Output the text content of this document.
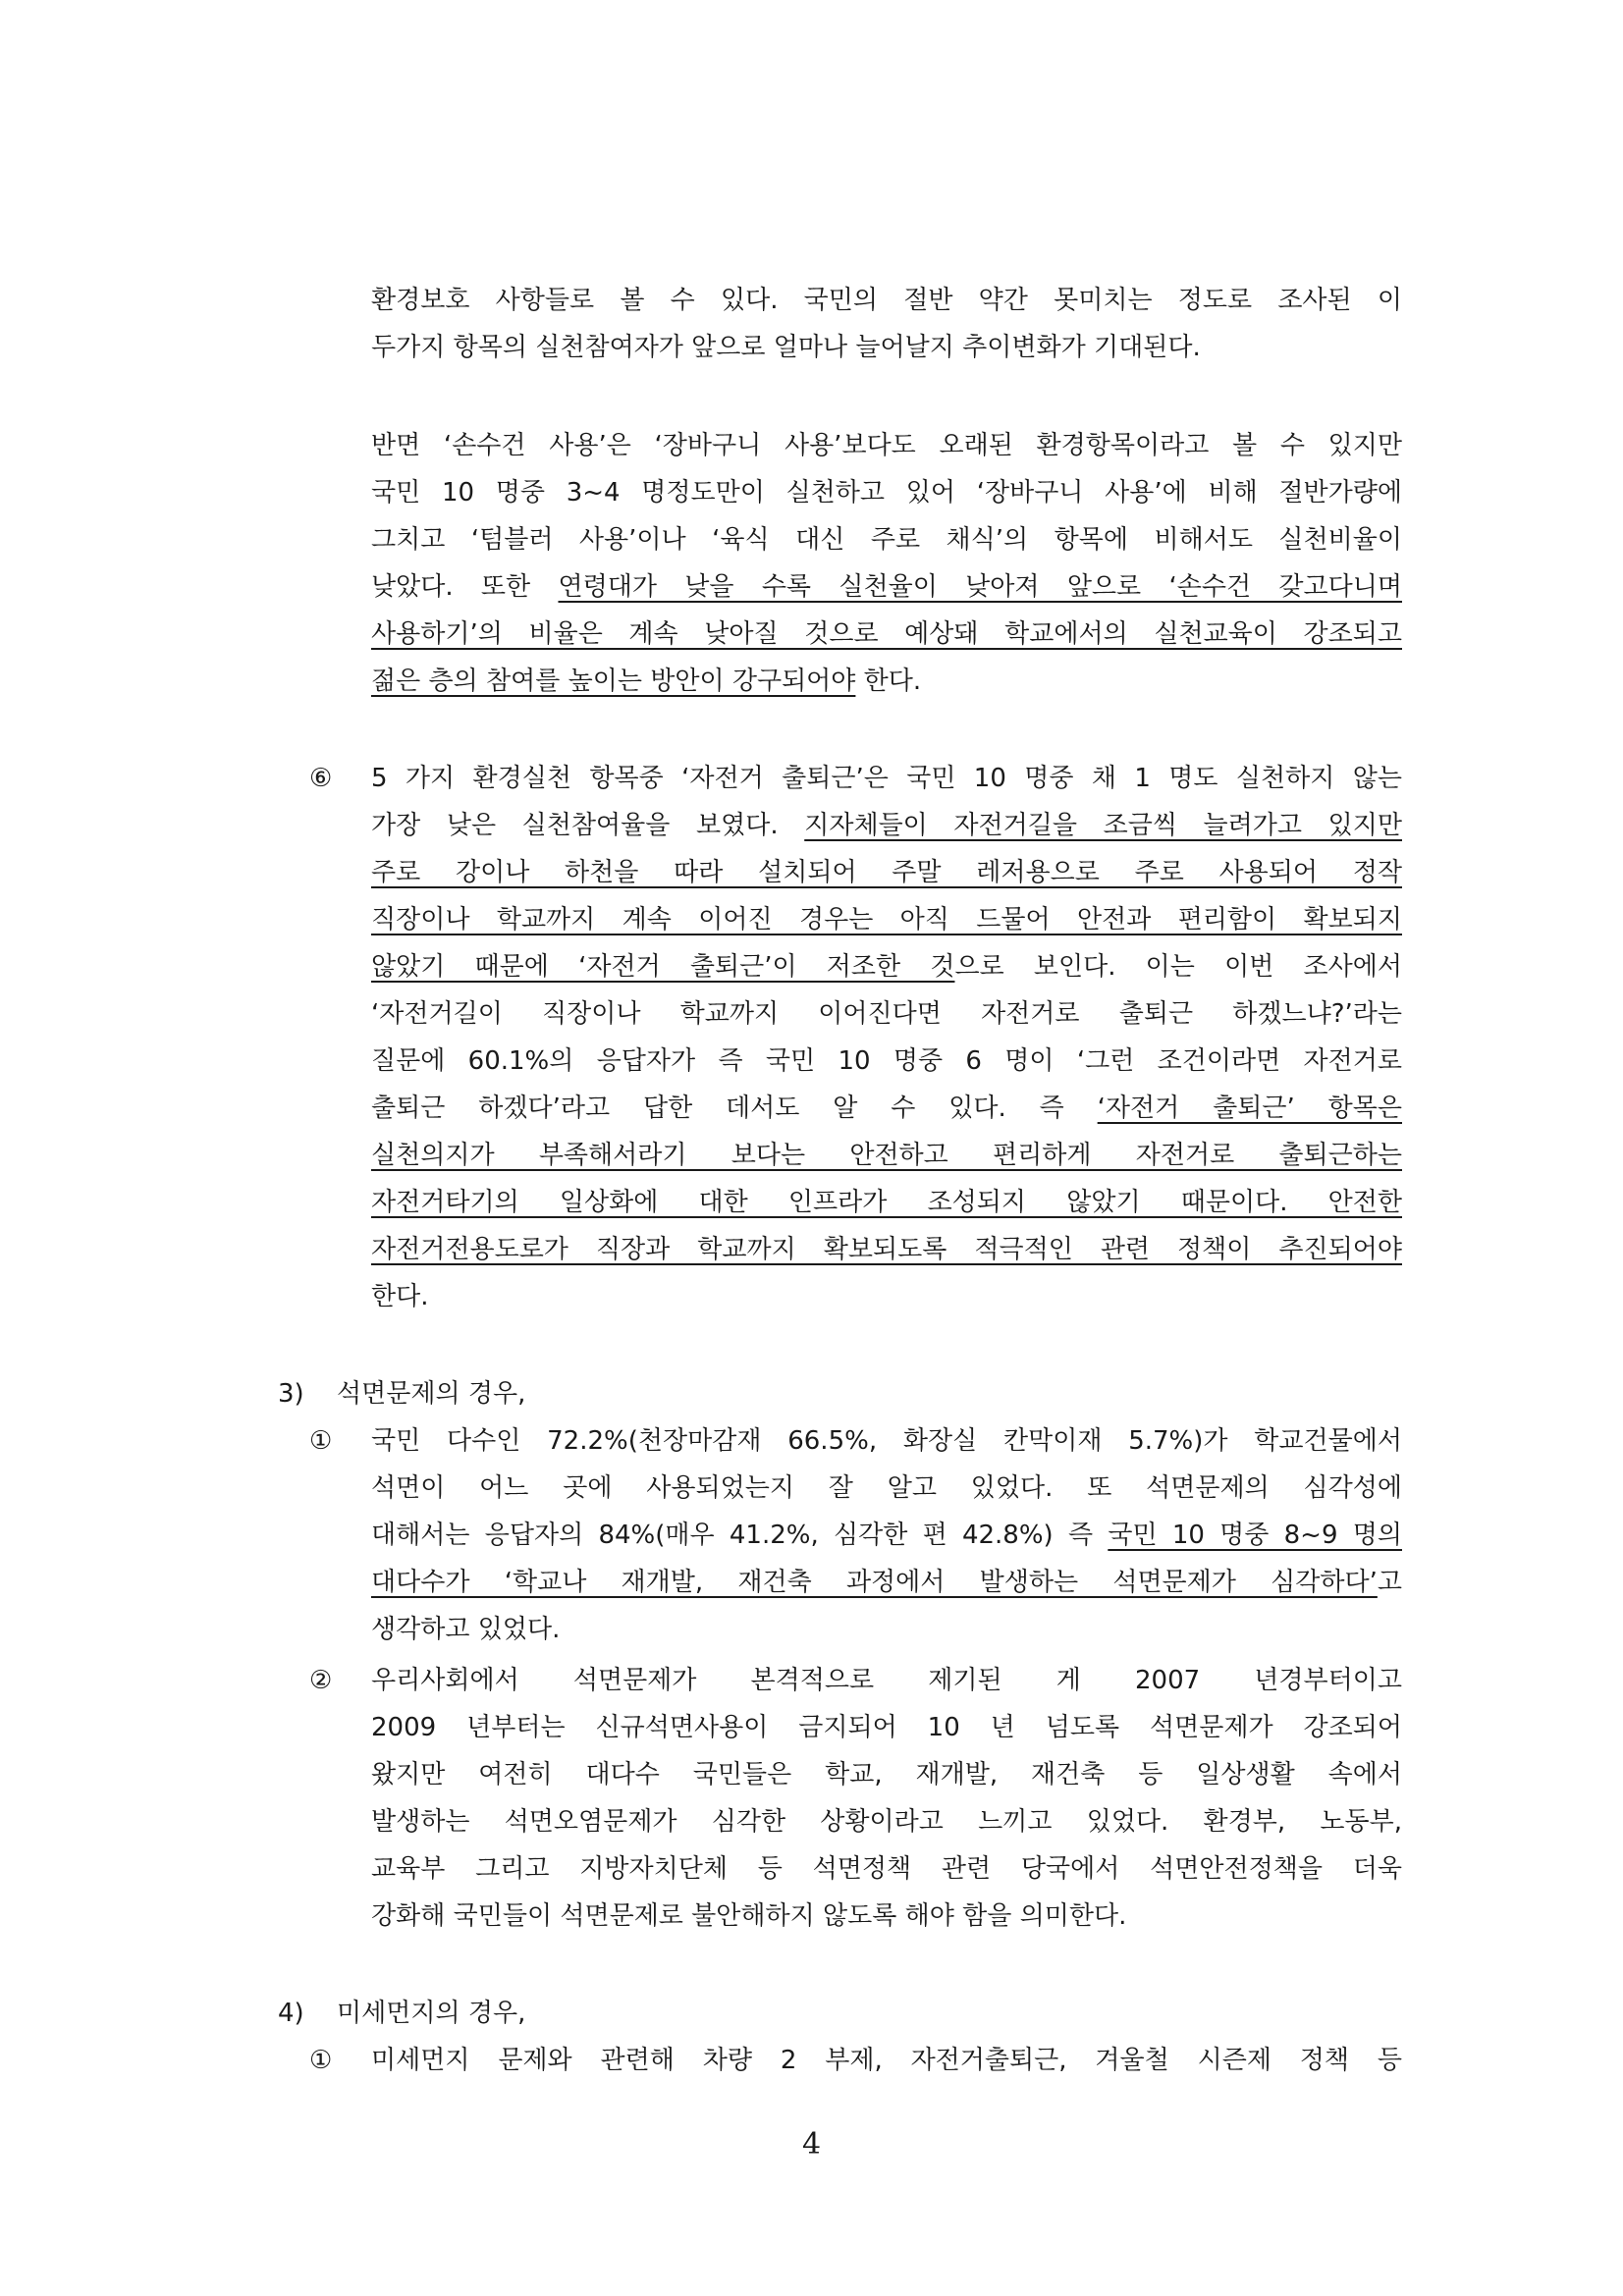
환경보호 사항들로 볼 수 있다. 국민의 절반 약간 못미치는 정도로 조사된 이
두가지 항목의 실천참여자가 앞으로 얼마나 늘어날지 추이변화가 기대된다.
반면 ‘손수건 사용’은 ‘장바구니 사용’보다도 오래된 환경항목이라고 볼 수 있지만
국민 10 명중 3~4 명정도만이 실천하고 있어 ‘장바구니 사용’에 비해 절반가량에
그치고 ‘텀블러 사용’이나 ‘육식 대신 주로 채식’의 항목에 비해서도 실천비율이
낮았다. 또한 연령대가 낮을 수록 실천율이 낮아져 앞으로 ‘손수건 갖고다니며
사용하기’의 비율은 계속 낮아질 것으로 예상돼 학교에서의 실천교육이 강조되고
젊은 층의 참여를 높이는 방안이 강구되어야 한다.
⑥ 5 가지 환경실천 항목중 ‘자전거 출퇴근’은 국민 10 명중 채 1 명도 실천하지 않는
가장 낮은 실천참여율을 보였다. 지자체들이 자전거길을 조금씩 늘려가고 있지만
주로 강이나 하천을 따라 설치되어 주말 레저용으로 주로 사용되어 정작
직장이나 학교까지 계속 이어진 경우는 아직 드물어 안전과 편리함이 확보되지
않았기 때문에 ‘자전거 출퇴근’이 저조한 것으로 보인다. 이는 이번 조사에서
‘자전거길이 직장이나 학교까지 이어진다면 자전거로 출퇴근 하겠느냐?’라는
질문에 60.1%의 응답자가 즉 국민 10 명중 6 명이 ‘그런 조건이라면 자전거로
출퇴근 하겠다’라고 답한 데서도 알 수 있다. 즉 ‘자전거 출퇴근’ 항목은
실천의지가 부족해서라기 보다는 안전하고 편리하게 자전거로 출퇴근하는
자전거타기의 일상화에 대한 인프라가 조성되지 않았기 때문이다. 안전한
자전거전용도로가 직장과 학교까지 확보되도록 적극적인 관련 정책이 추진되어야
한다.
3) 석면문제의 경우,
① 국민 다수인 72.2%(천장마감재 66.5%, 화장실 칸막이재 5.7%)가 학교건물에서
석면이 어느 곳에 사용되었는지 잘 알고 있었다. 또 석면문제의 심각성에
대해서는 응답자의 84%(매우 41.2%, 심각한 편 42.8%) 즉 국민 10 명중 8~9 명의
대다수가 ‘학교나 재개발, 재건축 과정에서 발생하는 석면문제가 심각하다’고
생각하고 있었다.
② 우리사회에서 석면문제가 본격적으로 제기된 게 2007 년경부터이고
2009 년부터는 신규석면사용이 금지되어 10 년 넘도록 석면문제가 강조되어
왔지만 여전히 대다수 국민들은 학교, 재개발, 재건축 등 일상생활 속에서
발생하는 석면오염문제가 심각한 상황이라고 느끼고 있었다. 환경부, 노동부,
교육부 그리고 지방자치단체 등 석면정책 관련 당국에서 석면안전정책을 더욱
강화해 국민들이 석면문제로 불안해하지 않도록 해야 함을 의미한다.
4) 미세먼지의 경우,
① 미세먼지 문제와 관련해 차량 2 부제, 자전거출퇴근, 겨울철 시즌제 정책 등
4
